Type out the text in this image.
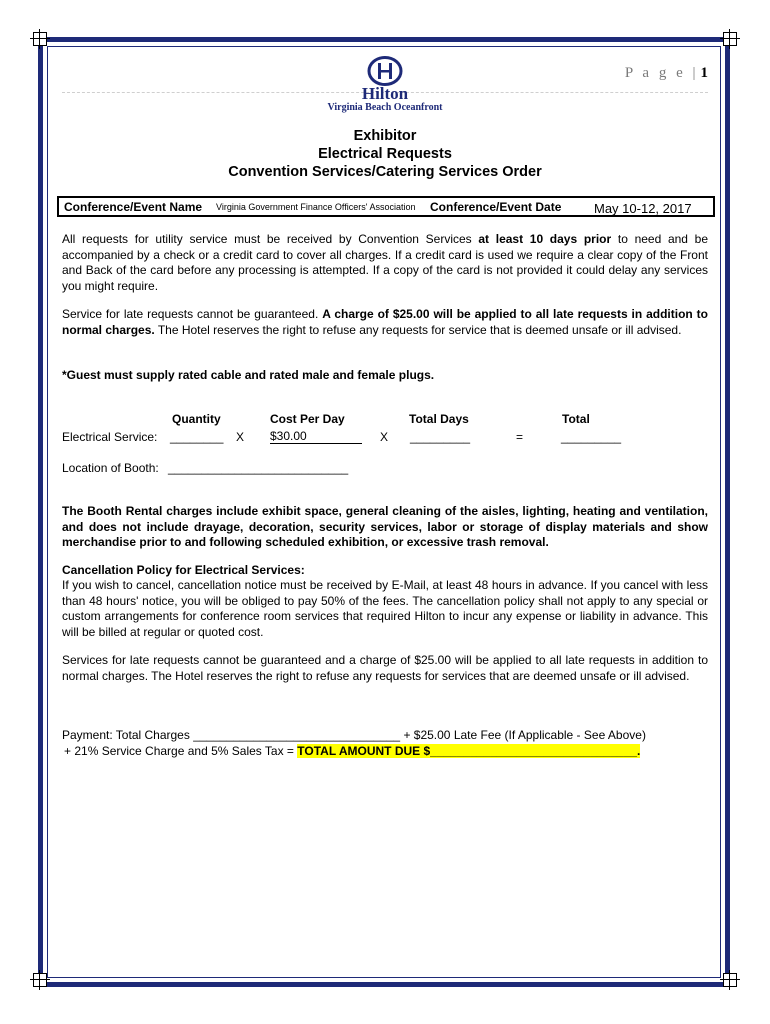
P a g e | 1
Hilton
Virginia Beach Oceanfront
Exhibitor
Electrical Requests
Convention Services/Catering Services Order
Conference/Event Name Virginia Government Finance Officers' Association Conference/Event Date	May 10-12, 2017
All requests for utility service must be received by Convention Services at least 10 days prior to need and be accompanied by a check or a credit card to cover all charges. If a credit card is used we require a clear copy of the Front and Back of the card before any processing is attempted. If a copy of the card is not provided it could delay any services you might require.
Service for late requests cannot be guaranteed. A charge of $25.00 will be applied to all late requests in addition to normal charges. The Hotel reserves the right to refuse any requests for service that is deemed unsafe or ill advised.
*Guest must supply rated cable and rated male and female plugs.
Quantity	Cost Per Day	Total Days	Total
Electrical Service: ________ X $30.00	X _________	=	_________
Location of Booth: ___________________________
The Booth Rental charges include exhibit space, general cleaning of the aisles, lighting, heating and ventilation, and does not include drayage, decoration, security services, labor or storage of display materials and show merchandise prior to and following scheduled exhibition, or excessive trash removal.
Cancellation Policy for Electrical Services:
If you wish to cancel, cancellation notice must be received by E-Mail, at least 48 hours in advance. If you cancel with less than 48 hours' notice, you will be obliged to pay 50% of the fees. The cancellation policy shall not apply to any special or custom arrangements for conference room services that required Hilton to incur any expense or liability in advance. This will be billed at regular or quoted cost.
Services for late requests cannot be guaranteed and a charge of $25.00 will be applied to all late requests in addition to normal charges. The Hotel reserves the right to refuse any requests for services that are deemed unsafe or ill advised.
Payment: Total Charges _______________________________ + $25.00 Late Fee (If Applicable - See Above)
+ 21% Service Charge and 5% Sales Tax = TOTAL AMOUNT DUE $_______________________________.
